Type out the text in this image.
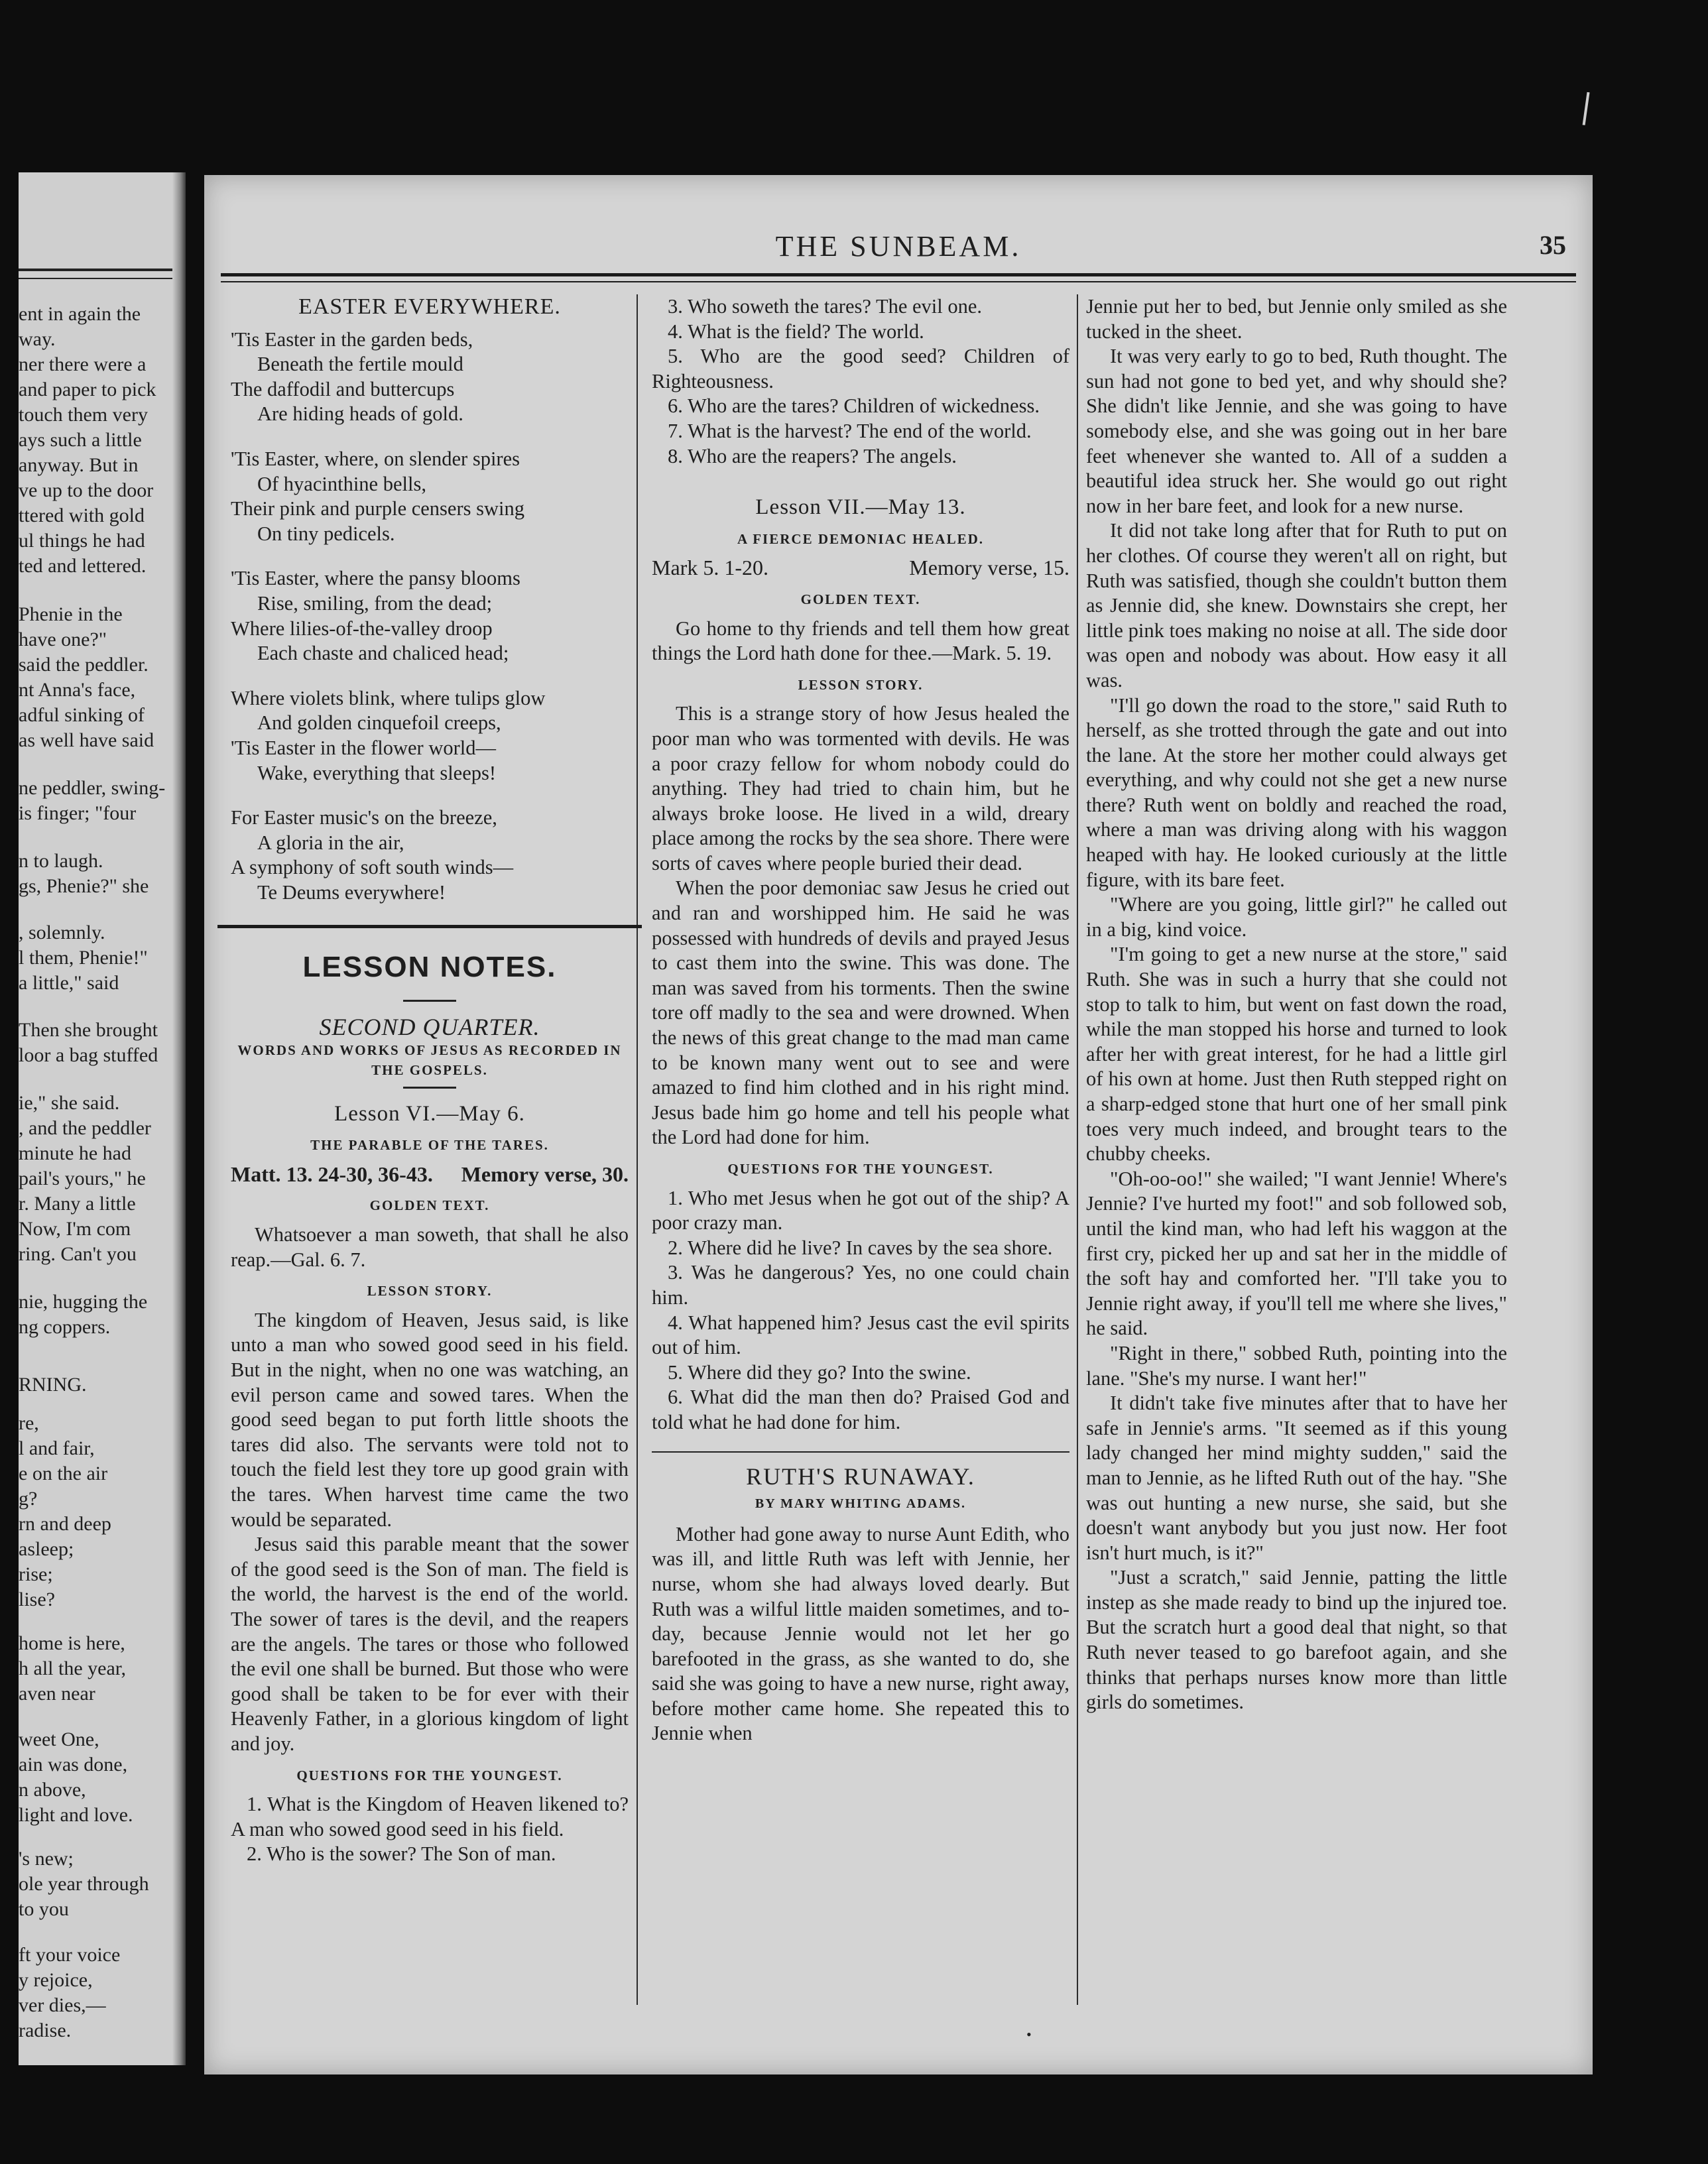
ent in again the
way.
ner there were a
and paper to pick
touch them very
ays such a little
anyway. But in
ve up to the door
ttered with gold
ul things he had
ted and lettered.
Phenie in the
have one?"
said the peddler.
nt Anna's face,
adful sinking of
as well have said
ne peddler, swing-
is finger; "four
n to laugh.
gs, Phenie?" she
, solemnly.
l them, Phenie!"
a little," said
Then she brought
loor a bag stuffed
ie," she said.
, and the peddler
minute he had
pail's yours," he
r. Many a little
Now, I'm com
ring. Can't you
nie, hugging the
ng coppers.
RNING.
re,
l and fair,
e on the air
g?
rn and deep
asleep;
rise;
lise?
home is here,
h all the year,
aven near
weet One,
ain was done,
n above,
light and love.
's new;
ole year through
to you
ft your voice
y rejoice,
ver dies,—
radise.
THE SUNBEAM.	35
EASTER EVERYWHERE.
'Tis Easter in the garden beds,
Beneath the fertile mould
The daffodil and buttercups
Are hiding heads of gold.
'Tis Easter, where, on slender spires
Of hyacinthine bells,
Their pink and purple censers swing
On tiny pedicels.
'Tis Easter, where the pansy blooms
Rise, smiling, from the dead;
Where lilies-of-the-valley droop
Each chaste and chaliced head;
Where violets blink, where tulips glow
And golden cinquefoil creeps,
'Tis Easter in the flower world—
Wake, everything that sleeps!
For Easter music's on the breeze,
A gloria in the air,
A symphony of soft south winds—
Te Deums everywhere!
LESSON NOTES.
SECOND QUARTER.
WORDS AND WORKS OF JESUS AS RECORDED IN THE GOSPELS.
Lesson VI.—May 6.
THE PARABLE OF THE TARES.
Matt. 13. 24-30, 36-43. Memory verse, 30.
GOLDEN TEXT.

Whatsoever a man soweth, that shall he also reap.—Gal. 6. 7.

LESSON STORY.

The kingdom of Heaven, Jesus said, is like unto a man who sowed good seed in his field. But in the night, when no one was watching, an evil person came and sowed tares. When the good seed began to put forth little shoots the tares did also. The servants were told not to touch the field lest they tore up good grain with the tares. When harvest time came the two would be separated.

Jesus said this parable meant that the sower of the good seed is the Son of man. The field is the world, the harvest is the end of the world. The sower of tares is the devil, and the reapers are the angels. The tares or those who followed the evil one shall be burned. But those who were good shall be taken to be for ever with their Heavenly Father, in a glorious kingdom of light and joy.

QUESTIONS FOR THE YOUNGEST.

1. What is the Kingdom of Heaven likened to? A man who sowed good seed in his field.

2. Who is the sower? The Son of man.

3. Who soweth the tares? The evil one.

4. What is the field? The world.

5. Who are the good seed? Children of Righteousness.

6. Who are the tares? Children of wickedness.

7. What is the harvest? The end of the world.

8. Who are the reapers? The angels.

Lesson VII.—May 13.
A FIERCE DEMONIAC HEALED.
Mark 5. 1-20.	Memory verse, 15.
GOLDEN TEXT.

Go home to thy friends and tell them how great things the Lord hath done for thee.—Mark. 5. 19.

LESSON STORY.

This is a strange story of how Jesus healed the poor man who was tormented with devils. He was a poor crazy fellow for whom nobody could do anything. They had tried to chain him, but he always broke loose. He lived in a wild, dreary place among the rocks by the sea shore. There were sorts of caves where people buried their dead.

When the poor demoniac saw Jesus he cried out and ran and worshipped him. He said he was possessed with hundreds of devils and prayed Jesus to cast them into the swine. This was done. The man was saved from his torments. Then the swine tore off madly to the sea and were drowned. When the news of this great change to the mad man came to be known many went out to see and were amazed to find him clothed and in his right mind. Jesus bade him go home and tell his people what the Lord had done for him.

QUESTIONS FOR THE YOUNGEST.

1. Who met Jesus when he got out of the ship? A poor crazy man.

2. Where did he live? In caves by the sea shore.

3. Was he dangerous? Yes, no one could chain him.

4. What happened him? Jesus cast the evil spirits out of him.

5. Where did they go? Into the swine.

6. What did the man then do? Praised God and told what he had done for him.

RUTH'S RUNAWAY.
BY MARY WHITING ADAMS.

Mother had gone away to nurse Aunt Edith, who was ill, and little Ruth was left with Jennie, her nurse, whom she had always loved dearly. But Ruth was a wilful little maiden sometimes, and to-day, because Jennie would not let her go barefooted in the grass, as she wanted to do, she said she was going to have a new nurse, right away, before mother came home. She repeated this to Jennie when

Jennie put her to bed, but Jennie only smiled as she tucked in the sheet.

It was very early to go to bed, Ruth thought. The sun had not gone to bed yet, and why should she? She didn't like Jennie, and she was going to have somebody else, and she was going out in her bare feet whenever she wanted to. All of a sudden a beautiful idea struck her. She would go out right now in her bare feet, and look for a new nurse.

It did not take long after that for Ruth to put on her clothes. Of course they weren't all on right, but Ruth was satisfied, though she couldn't button them as Jennie did, she knew. Downstairs she crept, her little pink toes making no noise at all. The side door was open and nobody was about. How easy it all was.

"I'll go down the road to the store," said Ruth to herself, as she trotted through the gate and out into the lane. At the store her mother could always get everything, and why could not she get a new nurse there? Ruth went on boldly and reached the road, where a man was driving along with his waggon heaped with hay. He looked curiously at the little figure, with its bare feet.

"Where are you going, little girl?" he called out in a big, kind voice.

"I'm going to get a new nurse at the store," said Ruth. She was in such a hurry that she could not stop to talk to him, but went on fast down the road, while the man stopped his horse and turned to look after her with great interest, for he had a little girl of his own at home. Just then Ruth stepped right on a sharp-edged stone that hurt one of her small pink toes very much indeed, and brought tears to the chubby cheeks.

"Oh-oo-oo!" she wailed; "I want Jennie! Where's Jennie? I've hurted my foot!" and sob followed sob, until the kind man, who had left his waggon at the first cry, picked her up and sat her in the middle of the soft hay and comforted her. "I'll take you to Jennie right away, if you'll tell me where she lives," he said.

"Right in there," sobbed Ruth, pointing into the lane. "She's my nurse. I want her!"

It didn't take five minutes after that to have her safe in Jennie's arms. "It seemed as if this young lady changed her mind mighty sudden," said the man to Jennie, as he lifted Ruth out of the hay. "She was out hunting a new nurse, she said, but she doesn't want anybody but you just now. Her foot isn't hurt much, is it?"

"Just a scratch," said Jennie, patting the little instep as she made ready to bind up the injured toe. But the scratch hurt a good deal that night, so that Ruth never teased to go barefoot again, and she thinks that perhaps nurses know more than little girls do sometimes.

•
